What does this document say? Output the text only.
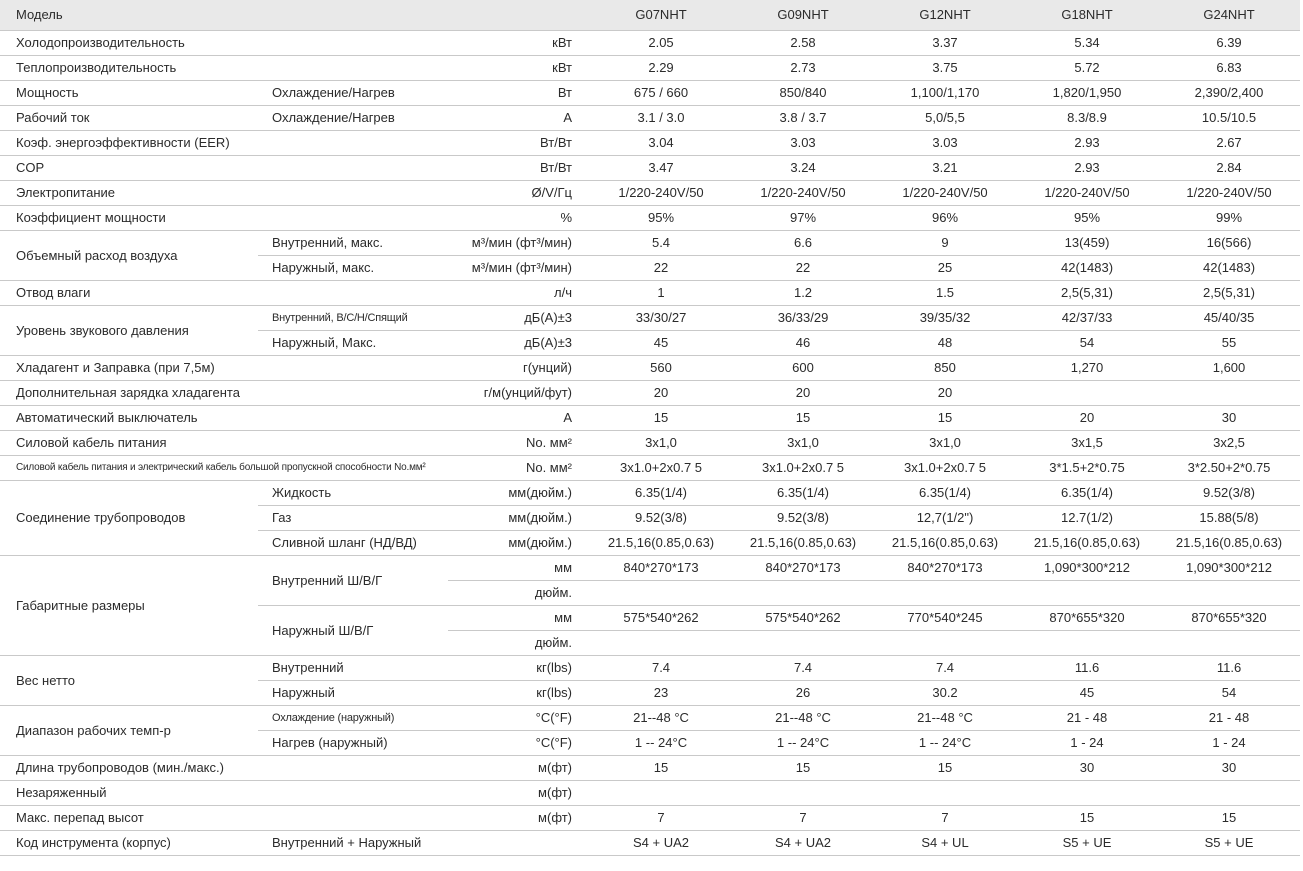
Модель			G07NHT	G09NHT	G12NHT	G18NHT	G24NHT
Холодопроизводительность		кВт	2.05	2.58	3.37	5.34	6.39
Теплопроизводительность		кВт	2.29	2.73	3.75	5.72	6.83
Мощность	Охлаждение/Нагрев	Вт	675 / 660	850/840	1,100/1,170	1,820/1,950	2,390/2,400
Рабочий ток	Охлаждение/Нагрев	А	3.1 / 3.0	3.8 / 3.7	5,0/5,5	8.3/8.9	10.5/10.5
Коэф. энергоэффективности (EER)		Вт/Вт	3.04	3.03	3.03	2.93	2.67
COP		Вт/Вт	3.47	3.24	3.21	2.93	2.84
Электропитание		Ø/V/Гц	1/220-240V/50	1/220-240V/50	1/220-240V/50	1/220-240V/50	1/220-240V/50
Коэффициент мощности		%	95%	97%	96%	95%	99%
Объемный расход воздуха	Внутренний, макс.	м³/мин (фт³/мин)	5.4	6.6	9	13(459)	16(566)
	Наружный, макс.	м³/мин (фт³/мин)	22	22	25	42(1483)	42(1483)
Отвод влаги		л/ч	1	1.2	1.5	2,5(5,31)	2,5(5,31)
Уровень звукового давления	Внутренний, В/С/Н/Спящий	дБ(А)±3	33/30/27	36/33/29	39/35/32	42/37/33	45/40/35
	Наружный, Макс.	дБ(А)±3	45	46	48	54	55
Хладагент и Заправка (при 7,5м)		г(унций)	560	600	850	1,270	1,600
Дополнительная зарядка хладагента		г/м(унций/фут)	20	20	20		
Автоматический выключатель		А	15	15	15	20	30
Силовой кабель питания		No. мм²	3x1,0	3x1,0	3x1,0	3x1,5	3x2,5
Силовой кабель питания и электрический кабель большой пропускной способности No.мм²		No. мм²	3x1.0+2x0.7 5	3x1.0+2x0.7 5	3x1.0+2x0.7 5	3*1.5+2*0.75	3*2.50+2*0.75
Соединение трубопроводов	Жидкость	мм(дюйм.)	6.35(1/4)	6.35(1/4)	6.35(1/4)	6.35(1/4)	9.52(3/8)
	Газ	мм(дюйм.)	9.52(3/8)	9.52(3/8)	12,7(1/2")	12.7(1/2)	15.88(5/8)
	Сливной шланг (НД/ВД)	мм(дюйм.)	21.5,16(0.85,0.63)	21.5,16(0.85,0.63)	21.5,16(0.85,0.63)	21.5,16(0.85,0.63)	21.5,16(0.85,0.63)
Габаритные размеры	Внутренний Ш/В/Г	мм	840*270*173	840*270*173	840*270*173	1,090*300*212	1,090*300*212
		дюйм.					
	Наружный Ш/В/Г	мм	575*540*262	575*540*262	770*540*245	870*655*320	870*655*320
		дюйм.					
Вес нетто	Внутренний	кг(lbs)	7.4	7.4	7.4	11.6	11.6
	Наружный	кг(lbs)	23	26	30.2	45	54
Диапазон рабочих темп-р	Охлаждение (наружный)	°С(°F)	21--48 °C	21--48 °C	21--48 °C	21 - 48	21 - 48
	Нагрев (наружный)	°С(°F)	1 -- 24°C	1 -- 24°C	1 -- 24°C	1 - 24	1 - 24
Длина трубопроводов (мин./макс.)		м(фт)	15	15	15	30	30
Незаряженный		м(фт)					
Макс. перепад высот		м(фт)	7	7	7	15	15
Код инструмента (корпус)	Внутренний + Наружный		S4 + UA2	S4 + UA2	S4 + UL	S5 + UE	S5 + UE
